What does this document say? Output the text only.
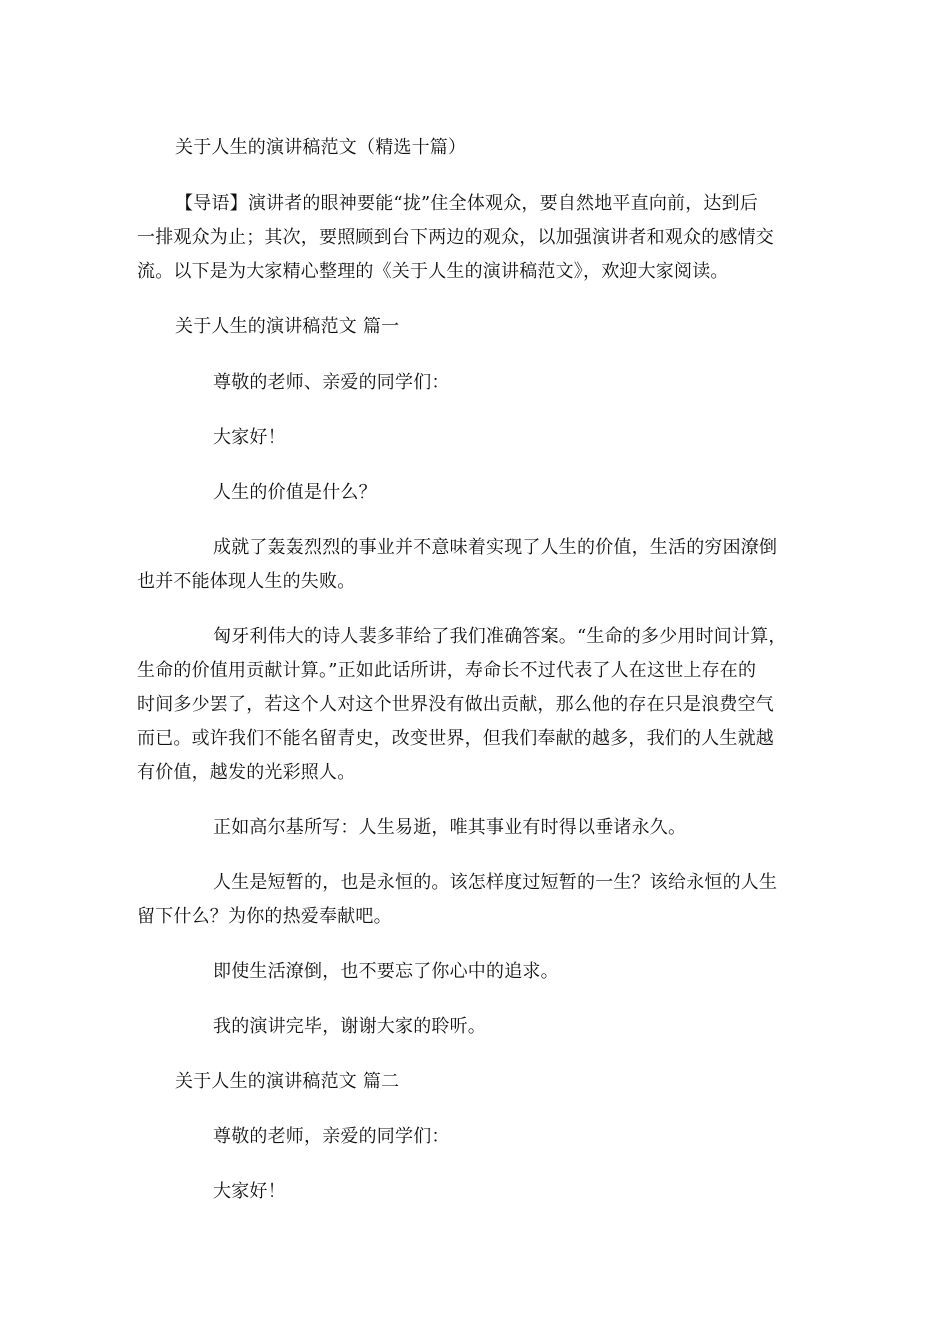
关于人生的演讲稿范文（精选十篇）
【导语】演讲者的眼神要能“拢”住全体观众，要自然地平直向前，达到后
一排观众为止；其次，要照顾到台下两边的观众，以加强演讲者和观众的感情交
流。以下是为大家精心整理的《关于人生的演讲稿范文》，欢迎大家阅读。
关于人生的演讲稿范文 篇一
尊敬的老师、亲爱的同学们：
大家好！
人生的价值是什么？
成就了轰轰烈烈的事业并不意味着实现了人生的价值，生活的穷困潦倒
也并不能体现人生的失败。
匈牙利伟大的诗人裴多菲给了我们准确答案。“生命的多少用时间计算，
生命的价值用贡献计算。”正如此话所讲，寿命长不过代表了人在这世上存在的
时间多少罢了，若这个人对这个世界没有做出贡献，那么他的存在只是浪费空气
而已。或许我们不能名留青史，改变世界，但我们奉献的越多，我们的人生就越
有价值，越发的光彩照人。
正如高尔基所写：人生易逝，唯其事业有时得以垂诸永久。
人生是短暂的，也是永恒的。该怎样度过短暂的一生？该给永恒的人生
留下什么？为你的热爱奉献吧。
即使生活潦倒，也不要忘了你心中的追求。
我的演讲完毕，谢谢大家的聆听。
关于人生的演讲稿范文 篇二
尊敬的老师，亲爱的同学们：
大家好！
